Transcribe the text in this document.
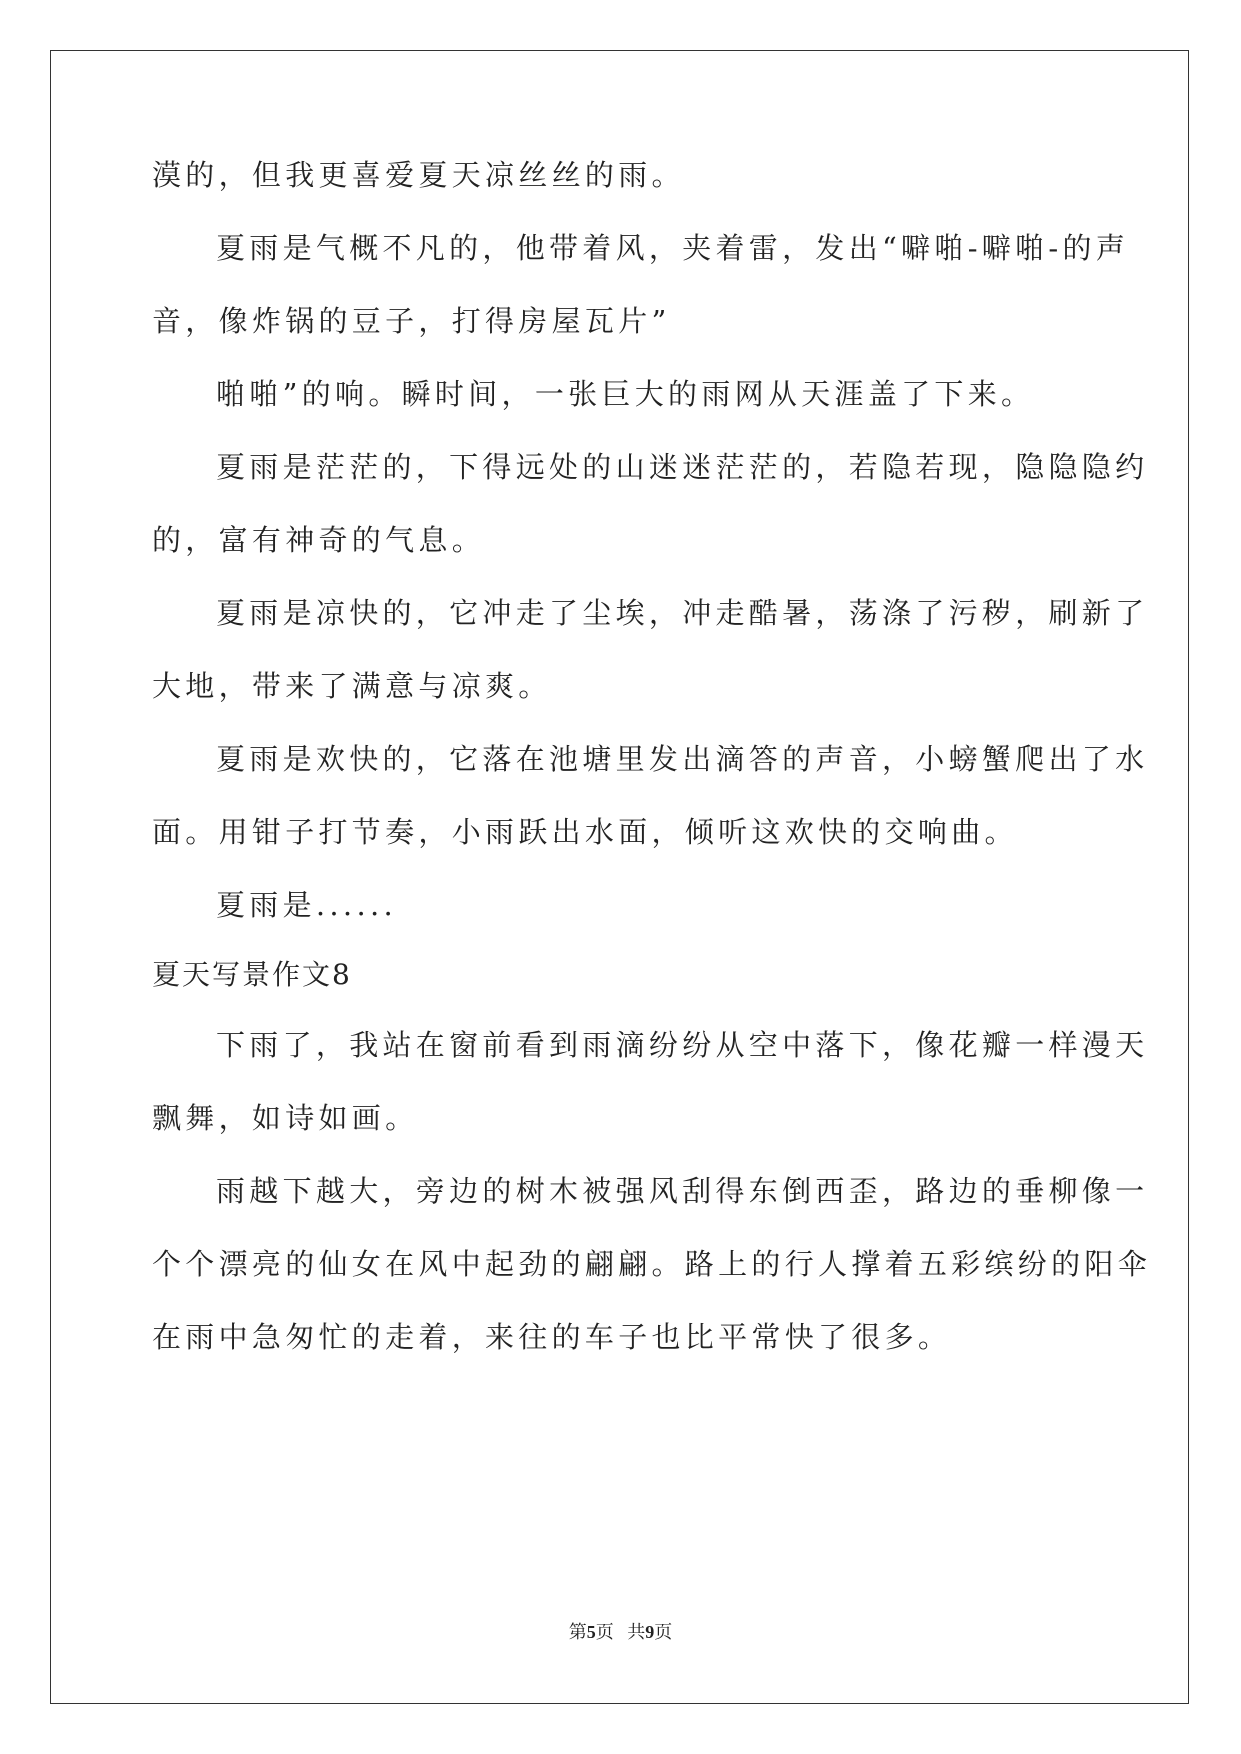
漠的，但我更喜爱夏天凉丝丝的雨。
夏雨是气概不凡的，他带着风，夹着雷，发出“噼啪-噼啪-的声
音，像炸锅的豆子，打得房屋瓦片”
啪啪”的响。瞬时间，一张巨大的雨网从天涯盖了下来。
夏雨是茫茫的，下得远处的山迷迷茫茫的，若隐若现，隐隐隐约
的，富有神奇的气息。
夏雨是凉快的，它冲走了尘埃，冲走酷暑，荡涤了污秽，刷新了
大地，带来了满意与凉爽。
夏雨是欢快的，它落在池塘里发出滴答的声音，小螃蟹爬出了水
面。用钳子打节奏，小雨跃出水面，倾听这欢快的交响曲。
夏雨是......
夏天写景作文8
下雨了，我站在窗前看到雨滴纷纷从空中落下，像花瓣一样漫天
飘舞，如诗如画。
雨越下越大，旁边的树木被强风刮得东倒西歪，路边的垂柳像一
个个漂亮的仙女在风中起劲的翩翩。路上的行人撑着五彩缤纷的阳伞
在雨中急匆忙的走着，来往的车子也比平常快了很多。
第5页 共9页
